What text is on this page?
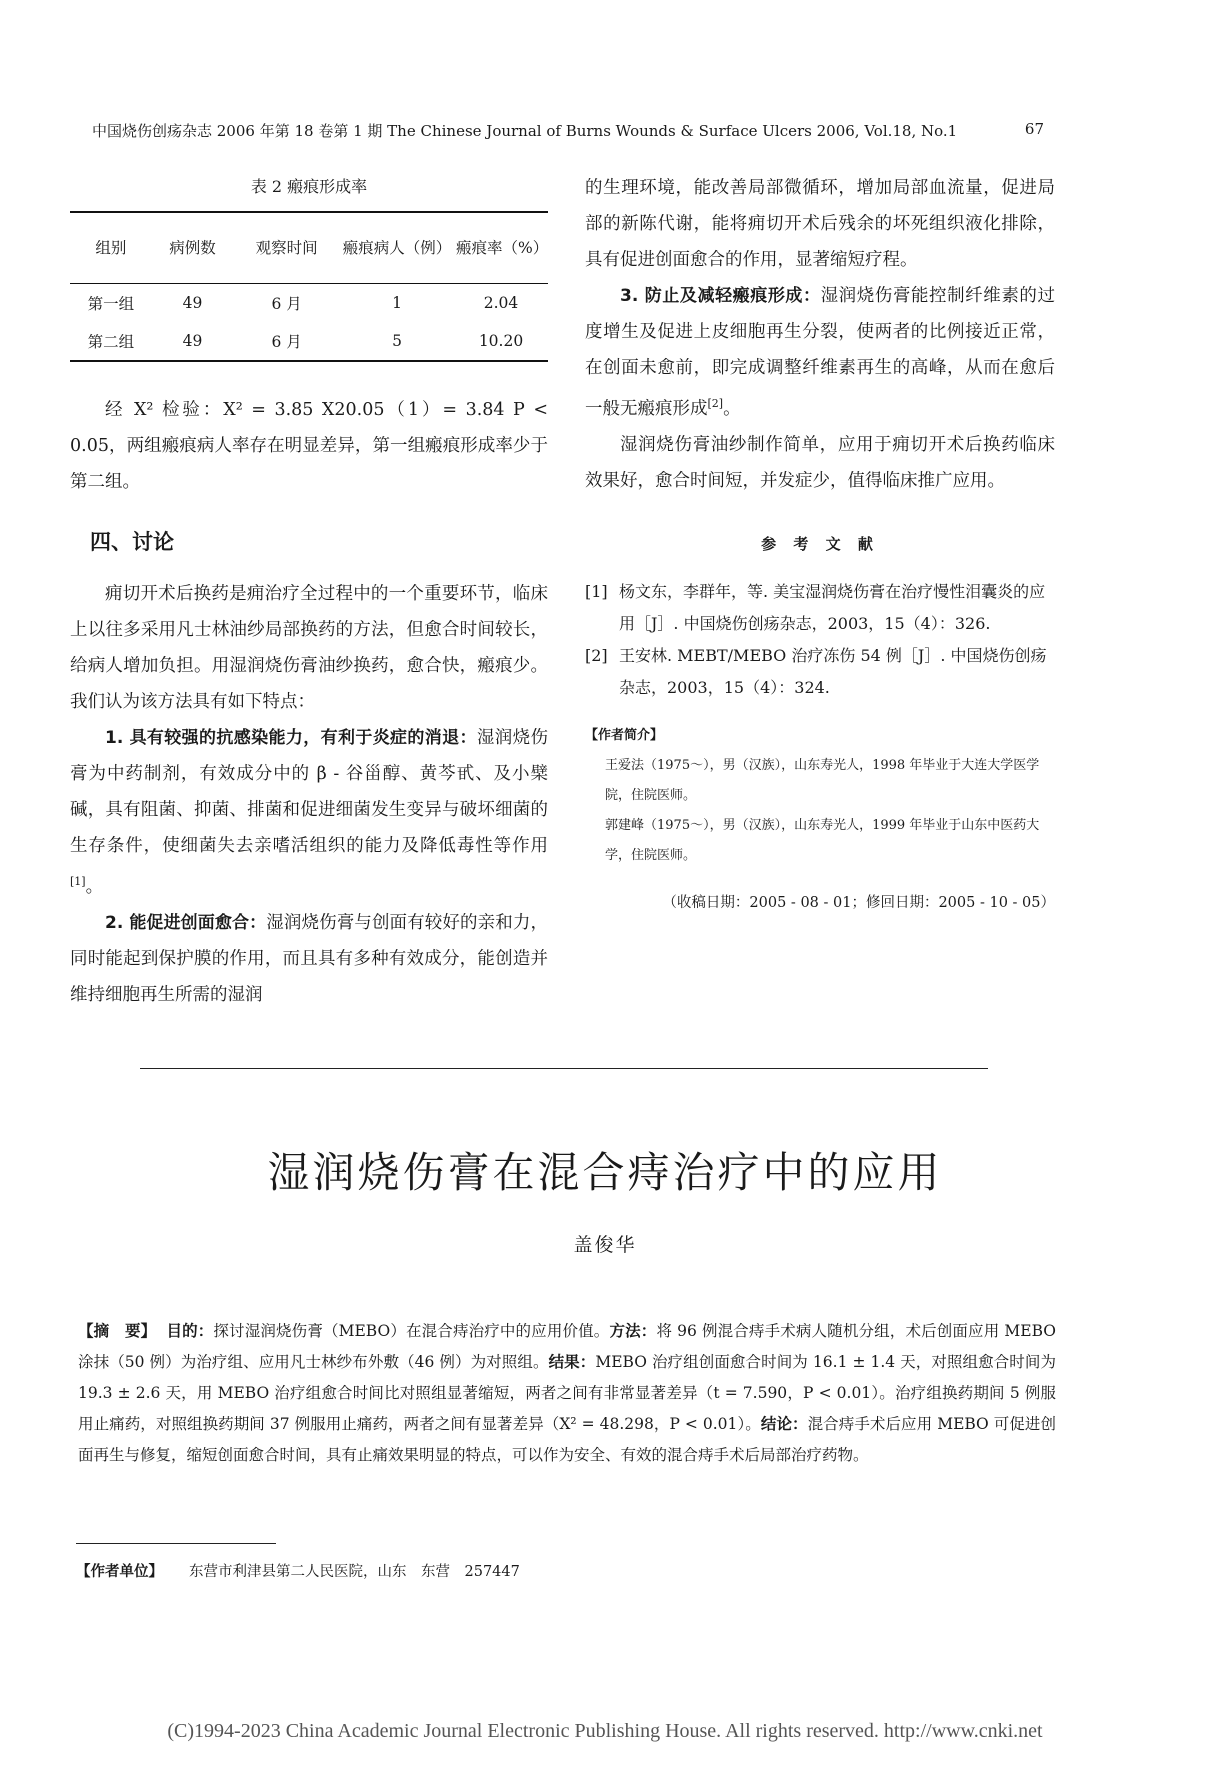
中国烧伤创疡杂志 2006 年第 18 卷第 1 期 The Chinese Journal of Burns Wounds & Surface Ulcers 2006, Vol.18, No.1	67
表 2 瘢痕形成率
组别	病例数	观察时间	瘢痕病人（例）	瘢痕率（%）
第一组	49	6 月	1	2.04
第二组	49	6 月	5	10.20

经 X² 检验：X² = 3.85 X20.05（1）= 3.84 P < 0.05，两组瘢痕病人率存在明显差异，第一组瘢痕形成率少于第二组。

四、讨论

痈切开术后换药是痈治疗全过程中的一个重要环节，临床上以往多采用凡士林油纱局部换药的方法，但愈合时间较长，给病人增加负担。用湿润烧伤膏油纱换药，愈合快，瘢痕少。我们认为该方法具有如下特点：

1. 具有较强的抗感染能力，有利于炎症的消退：湿润烧伤膏为中药制剂，有效成分中的 β - 谷甾醇、黄芩甙、及小檗碱，具有阻菌、抑菌、排菌和促进细菌发生变异与破坏细菌的生存条件，使细菌失去亲嗜活组织的能力及降低毒性等作用[1]。

2. 能促进创面愈合：湿润烧伤膏与创面有较好的亲和力，同时能起到保护膜的作用，而且具有多种有效成分，能创造并维持细胞再生所需的湿润

的生理环境，能改善局部微循环，增加局部血流量，促进局部的新陈代谢，能将痈切开术后残余的坏死组织液化排除，具有促进创面愈合的作用，显著缩短疗程。

3. 防止及减轻瘢痕形成：湿润烧伤膏能控制纤维素的过度增生及促进上皮细胞再生分裂，使两者的比例接近正常，在创面未愈前，即完成调整纤维素再生的高峰，从而在愈后一般无瘢痕形成[2]。

湿润烧伤膏油纱制作简单，应用于痈切开术后换药临床效果好，愈合时间短，并发症少，值得临床推广应用。

参 考 文 献
[1] 杨文东，李群年，等. 美宝湿润烧伤膏在治疗慢性泪囊炎的应用［J］. 中国烧伤创疡杂志，2003，15（4）：326.
[2] 王安林. MEBT/MEBO 治疗冻伤 54 例［J］. 中国烧伤创疡杂志，2003，15（4）：324.
【作者简介】
王爱法（1975～），男（汉族），山东寿光人，1998 年毕业于大连大学医学院，住院医师。
郭建峰（1975～），男（汉族），山东寿光人，1999 年毕业于山东中医药大学，住院医师。
（收稿日期：2005 - 08 - 01；修回日期：2005 - 10 - 05）
湿润烧伤膏在混合痔治疗中的应用
盖俊华
【摘　要】 目的：探讨湿润烧伤膏（MEBO）在混合痔治疗中的应用价值。方法：将 96 例混合痔手术病人随机分组，术后创面应用 MEBO 涂抹（50 例）为治疗组、应用凡士林纱布外敷（46 例）为对照组。结果：MEBO 治疗组创面愈合时间为 16.1 ± 1.4 天，对照组愈合时间为 19.3 ± 2.6 天，用 MEBO 治疗组愈合时间比对照组显著缩短，两者之间有非常显著差异（t = 7.590，P < 0.01）。治疗组换药期间 5 例服用止痛药，对照组换药期间 37 例服用止痛药，两者之间有显著差异（X² = 48.298，P < 0.01）。结论：混合痔手术后应用 MEBO 可促进创面再生与修复，缩短创面愈合时间，具有止痛效果明显的特点，可以作为安全、有效的混合痔手术后局部治疗药物。
【作者单位】 东营市利津县第二人民医院，山东　东营　257447
(C)1994-2023 China Academic Journal Electronic Publishing House. All rights reserved. http://www.cnki.net
